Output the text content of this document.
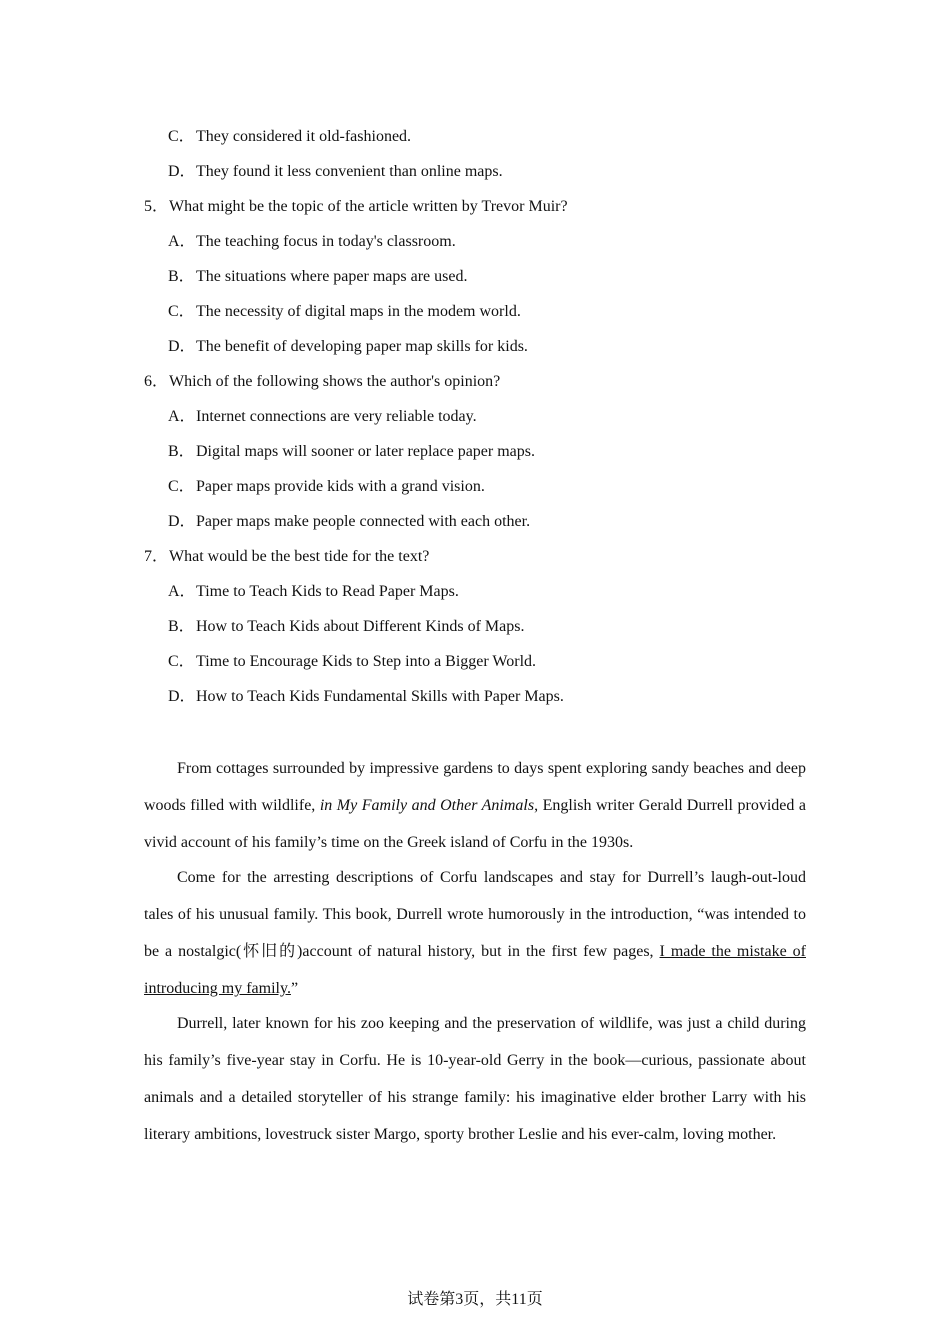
C．They considered it old-fashioned.
D．They found it less convenient than online maps.
5．What might be the topic of the article written by Trevor Muir?
A．The teaching focus in today's classroom.
B．The situations where paper maps are used.
C．The necessity of digital maps in the modem world.
D．The benefit of developing paper map skills for kids.
6．Which of the following shows the author's opinion?
A．Internet connections are very reliable today.
B．Digital maps will sooner or later replace paper maps.
C．Paper maps provide kids with a grand vision.
D．Paper maps make people connected with each other.
7．What would be the best tide for the text?
A．Time to Teach Kids to Read Paper Maps.
B．How to Teach Kids about Different Kinds of Maps.
C．Time to Encourage Kids to Step into a Bigger World.
D．How to Teach Kids Fundamental Skills with Paper Maps.

From cottages surrounded by impressive gardens to days spent exploring sandy beaches and deep woods filled with wildlife, in My Family and Other Animals, English writer Gerald Durrell provided a vivid account of his family’s time on the Greek island of Corfu in the 1930s.

Come for the arresting descriptions of Corfu landscapes and stay for Durrell’s laugh-out-loud tales of his unusual family. This book, Durrell wrote humorously in the introduction, “was intended to be a nostalgic(怀旧的)account of natural history, but in the first few pages, I made the mistake of introducing my family.”

Durrell, later known for his zoo keeping and the preservation of wildlife, was just a child during his family’s five-year stay in Corfu. He is 10-year-old Gerry in the book—curious, passionate about animals and a detailed storyteller of his strange family: his imaginative elder brother Larry with his literary ambitions, lovestruck sister Margo, sporty brother Leslie and his ever-calm, loving mother.

试卷第3页，共11页
